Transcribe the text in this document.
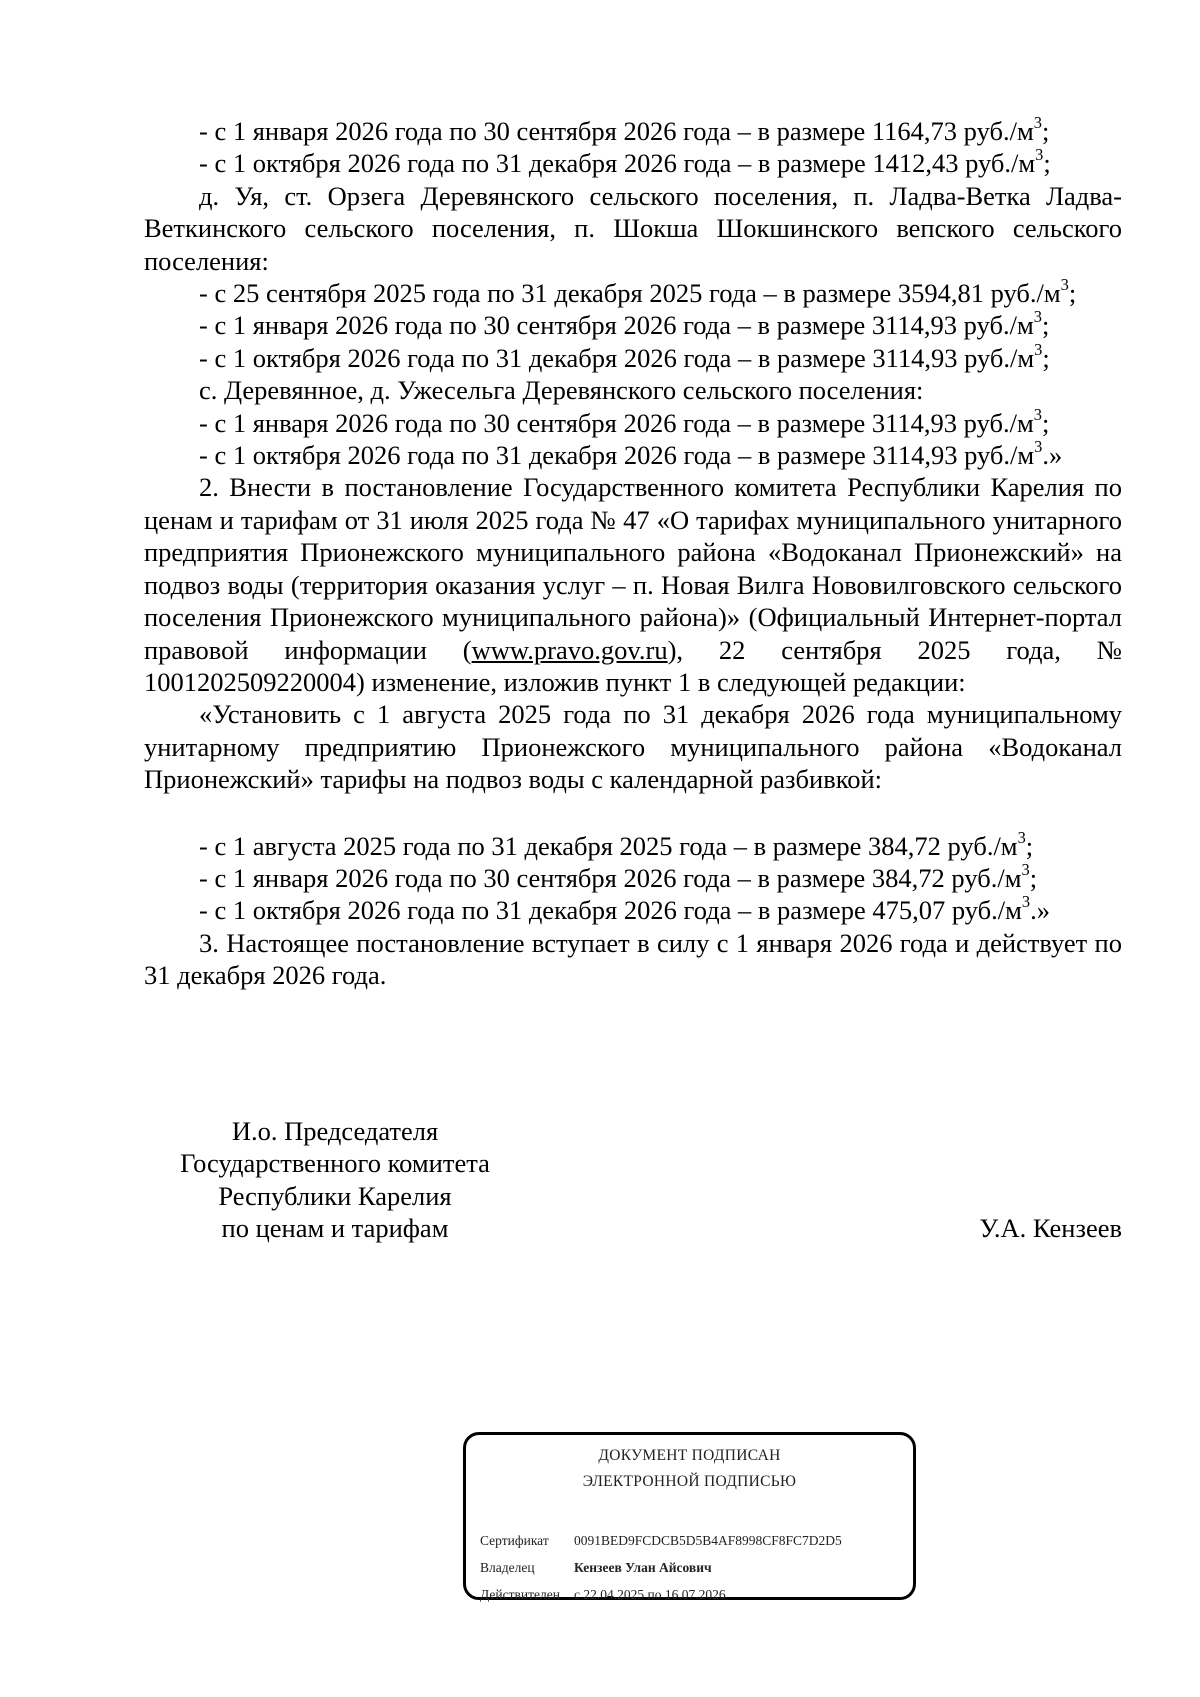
- с 1 января 2026 года по 30 сентября 2026 года – в размере 1164,73 $руб./м^3$;

- с 1 октября 2026 года по 31 декабря 2026 года – в размере 1412,43 $руб./м^3$;

д. Уя, ст. Орзега Деревянского сельского поселения, п. Ладва-Ветка Ладва-Веткинского сельского поселения, п. Шокша Шокшинского вепского сельского поселения:

- с 25 сентября 2025 года по 31 декабря 2025 года – в размере 3594,81 $руб./м^3$;

- с 1 января 2026 года по 30 сентября 2026 года – в размере 3114,93 $руб./м^3$;

- с 1 октября 2026 года по 31 декабря 2026 года – в размере 3114,93 $руб./м^3$;

с. Деревянное, д. Ужесельга Деревянского сельского поселения:

- с 1 января 2026 года по 30 сентября 2026 года – в размере 3114,93 $руб./м^3$;

- с 1 октября 2026 года по 31 декабря 2026 года – в размере 3114,93 $руб./м^3$.»

2. Внести в постановление Государственного комитета Республики Карелия по ценам и тарифам от 31 июля 2025 года № 47 «О тарифах муниципального унитарного предприятия Прионежского муниципального района «Водоканал Прионежский» на подвоз воды (территория оказания услуг – п. Новая Вилга Нововилговского сельского поселения Прионежского муниципального района)» (Официальный Интернет-портал правовой информации (www.pravo.gov.ru), 22 сентября 2025 года, № 1001202509220004) изменение, изложив пункт 1 в следующей редакции:

«Установить с 1 августа 2025 года по 31 декабря 2026 года муниципальному унитарному предприятию Прионежского муниципального района «Водоканал Прионежский» тарифы на подвоз воды с календарной разбивкой:

- с 1 августа 2025 года по 31 декабря 2025 года – в размере 384,72 $руб./м^3$;

- с 1 января 2026 года по 30 сентября 2026 года – в размере 384,72 $руб./м^3$;

- с 1 октября 2026 года по 31 декабря 2026 года – в размере 475,07 $руб./м^3$.»

3. Настоящее постановление вступает в силу с 1 января 2026 года и действует по 31 декабря 2026 года.

И.о. Председателя
Государственного комитета
Республики Карелия
по ценам и тарифам	У.А. Кензеев
ДОКУМЕНТ ПОДПИСАН
ЭЛЕКТРОННОЙ ПОДПИСЬЮ
Сертификат 0091BED9FCDCB5D5B4AF8998CF8FC7D2D5
Владелец	Кензеев Улан Айсович
Действителен с 22.04.2025 по 16.07.2026
